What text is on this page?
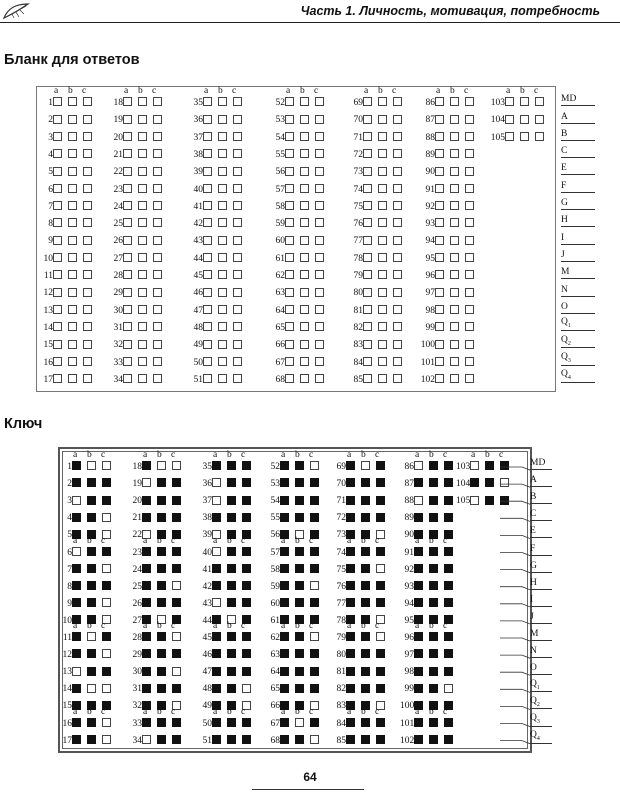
Часть 1. Личность, мотивация, потребность
Бланк для ответов
a b c
1
2
3
4
5
6
7
8
9
10
11
12
13
14
15
16
17
a b c
18
19
20
21
22
23
24
25
26
27
28
29
30
31
32
33
34
a b c
35
36
37
38
39
40
41
42
43
44
45
46
47
48
49
50
51
a b c
52
53
54
55
56
57
58
59
60
61
62
63
64
65
66
67
68
a b c
69
70
71
72
73
74
75
76
77
78
79
80
81
82
83
84
85
a b c
86
87
88
89
90
91
92
93
94
95
96
97
98
99
100
101
102
a b c
103
104
105
MD
A
B
C
E
F
G
H
I
J
M
N
O
$Q_1$
$Q_2$
$Q_3$
$Q_4$
Ключ
a b c
1
2
3
4
5
a b c
6
7
8
9
10
a b c
11
12
13
14
15
a b c
16
17
a b c
18
19
20
21
22
a b c
23
24
25
26
27
a b c
28
29
30
31
32
a b c
33
34
a b c
35
36
37
38
39
a b c
40
41
42
43
44
a b c
45
46
47
48
49
a b c
50
51
a b c
52
53
54
55
56
a b c
57
58
59
60
61
a b c
62
63
64
65
66
a b c
67
68
a b c
69
70
71
72
73
a b c
74
75
76
77
78
a b c
79
80
81
82
83
a b c
84
85
a b c
86
87
88
89
90
a b c
91
92
93
94
95
a b c
96
97
98
99
100
a b c
101
102
a b c
103
104
105
MD
A
B
C
E
F
G
H
I
J
M
N
O
$Q_1$
$Q_2$
$Q_3$
$Q_4$
64
